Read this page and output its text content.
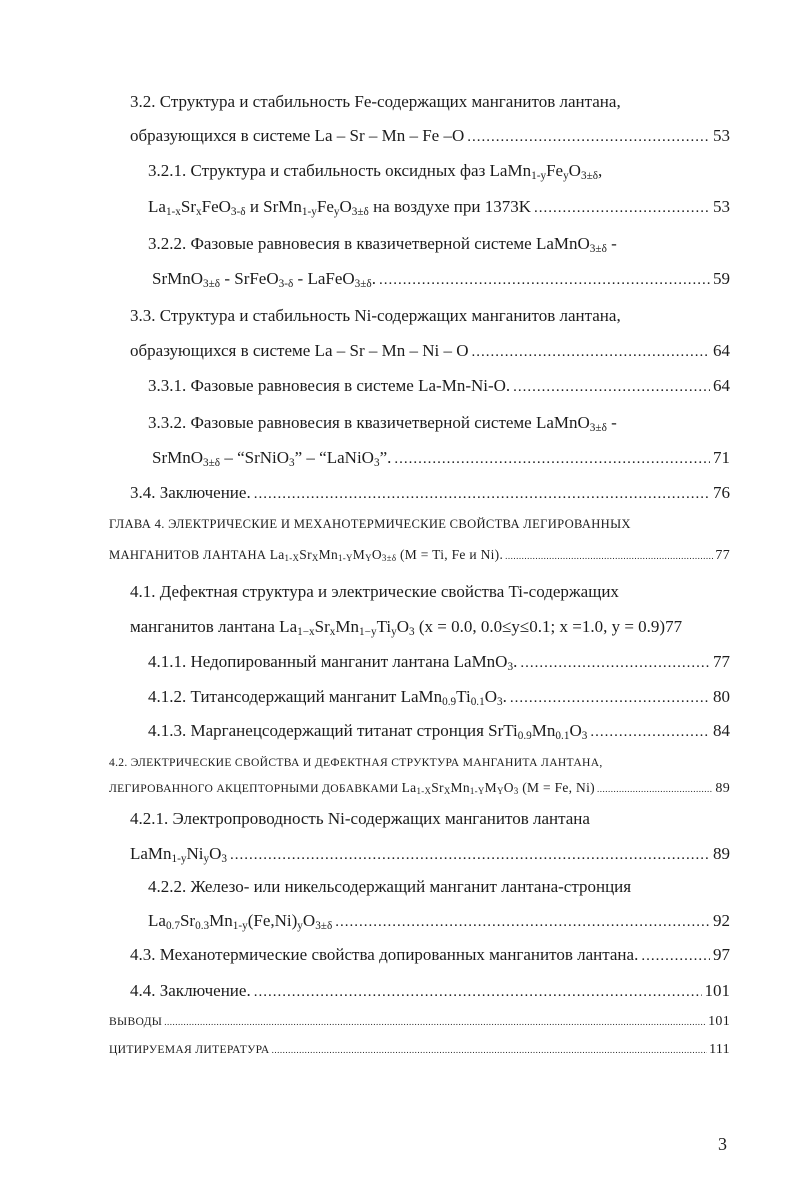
3.2. Структура и стабильность Fe-содержащих манганитов лантана,
образующихся в системе La – Sr – Mn – Fe –O .....	53
3.2.1. Структура и стабильность оксидных фаз $LaMn_{1-y}Fe_yO_{3\pm\delta}$,
$La_{1-x}Sr_xFeO_{3-\delta}$ и $SrMn_{1-y}Fe_yO_{3\pm\delta}$ на воздухе при 1373K .....	53
3.2.2. Фазовые равновесия в квазичетверной системе LaMnO$_{3\pm\delta}$ -
SrMnO$_{3\pm\delta}$ - SrFeO$_{3-\delta}$ - LaFeO$_{3\pm\delta}$. .....	59
3.3. Структура и стабильность Ni-содержащих манганитов лантана,
образующихся в системе La – Sr – Mn – Ni – O .....	64
3.3.1. Фазовые равновесия в системе La-Mn-Ni-O. .....	64
3.3.2. Фазовые равновесия в квазичетверной системе LaMnO$_{3\pm\delta}$ -
SrMnO$_{3\pm\delta}$ – “SrNiO$_3$” – “LaNiO$_3$”. .....	71
3.4. Заключение. .....	76
ГЛАВА 4. ЭЛЕКТРИЧЕСКИЕ И МЕХАНОТЕРМИЧЕСКИЕ СВОЙСТВА ЛЕГИРОВАННЫХ
МАНГАНИТОВ ЛАНТАНА $La_{1-X}Sr_XMn_{1-Y}M_YO_{3\pm\delta}$ (M = Ti, Fe и Ni). .....	77
4.1. Дефектная структура и электрические свойства Ti-содержащих
манганитов лантана $La_{1-x}Sr_xMn_{1-y}Ti_yO_3$ (x = 0.0, 0.0≤y≤0.1; x =1.0, y = 0.9) 77
4.1.1. Недопированный манганит лантана LaMnO$_3$. .....	77
4.1.2. Титансодержащий манганит $LaMn_{0.9}Ti_{0.1}O_3$. .....	80
4.1.3. Марганецсодержащий титанат стронция $SrTi_{0.9}Mn_{0.1}O_3$ .....	84
4.2. ЭЛЕКТРИЧЕСКИЕ СВОЙСТВА И ДЕФЕКТНАЯ СТРУКТУРА МАНГАНИТА ЛАНТАНА,
ЛЕГИРОВАННОГО АКЦЕПТОРНЫМИ ДОБАВКАМИ $La_{1-X}Sr_XMn_{1-Y}M_YO_3$ (M = Fe, Ni) .....	89
4.2.1. Электропроводность Ni-содержащих манганитов лантана
$LaMn_{1-y}Ni_yO_3$ .....	89
4.2.2. Железо- или никельсодержащий манганит лантана-стронция
$La_{0.7}Sr_{0.3}Mn_{1-y}(Fe,Ni)_yO_{3\pm\delta}$ .....	92
4.3. Механотермические свойства допированных манганитов лантана. .....	97
4.4. Заключение. .....	101
ВЫВОДЫ .....	101
ЦИТИРУЕМАЯ ЛИТЕРАТУРА .....	111
3
